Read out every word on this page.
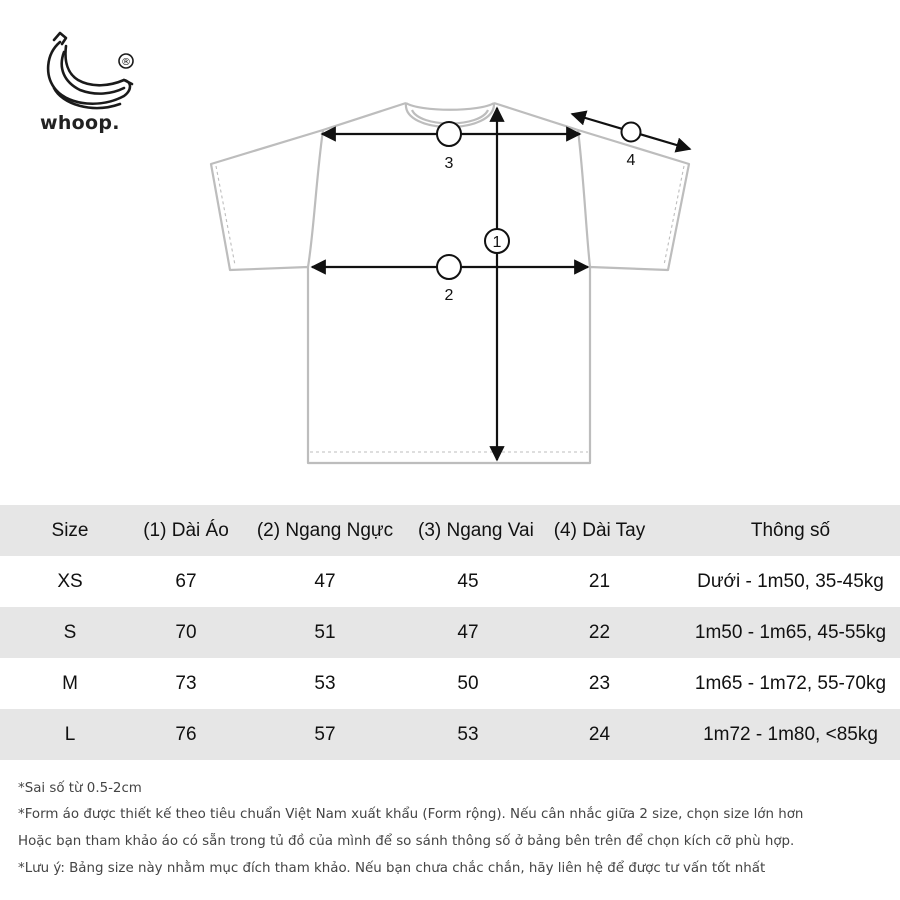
®
whoop.
1
2
3	4
Size	(1) Dài Áo	(2) Ngang Ngực	(3) Ngang Vai	(4) Dài Tay	Thông số
XS	67	47	45	21	Dưới - 1m50, 35-45kg
S	70	51	47	22	1m50 - 1m65, 45-55kg
M	73	53	50	23	1m65 - 1m72, 55-70kg
L	76	57	53	24	1m72 - 1m80, <85kg

*Sai số từ 0.5-2cm

*Form áo được thiết kế theo tiêu chuẩn Việt Nam xuất khẩu (Form rộng). Nếu cân nhắc giữa 2 size, chọn size lớn hơn

Hoặc bạn tham khảo áo có sẵn trong tủ đồ của mình để so sánh thông số ở bảng bên trên để chọn kích cỡ phù hợp.

*Lưu ý: Bảng size này nhằm mục đích tham khảo. Nếu bạn chưa chắc chắn, hãy liên hệ để được tư vấn tốt nhất
